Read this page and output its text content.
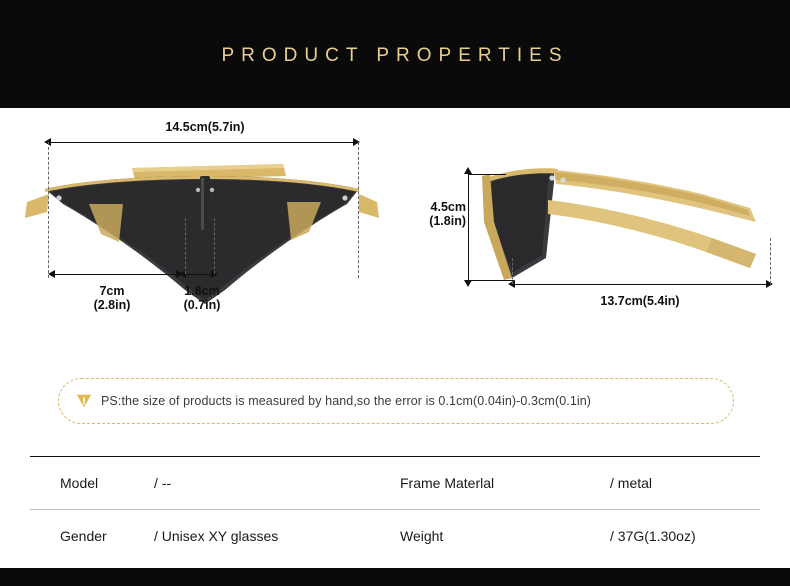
PRODUCT PROPERTIES
14.5cm(5.7in)
7cm
(2.8in)
1.8cm
(0.7in)
4.5cm
(1.8in)
13.7cm(5.4in)
PS:the size of products is measured by hand,so the error is 0.1cm(0.04in)-0.3cm(0.1in)
Model	/ --	Frame Materlal	/ metal
Gender	/ Unisex XY glasses	Weight	/ 37G(1.30oz)
